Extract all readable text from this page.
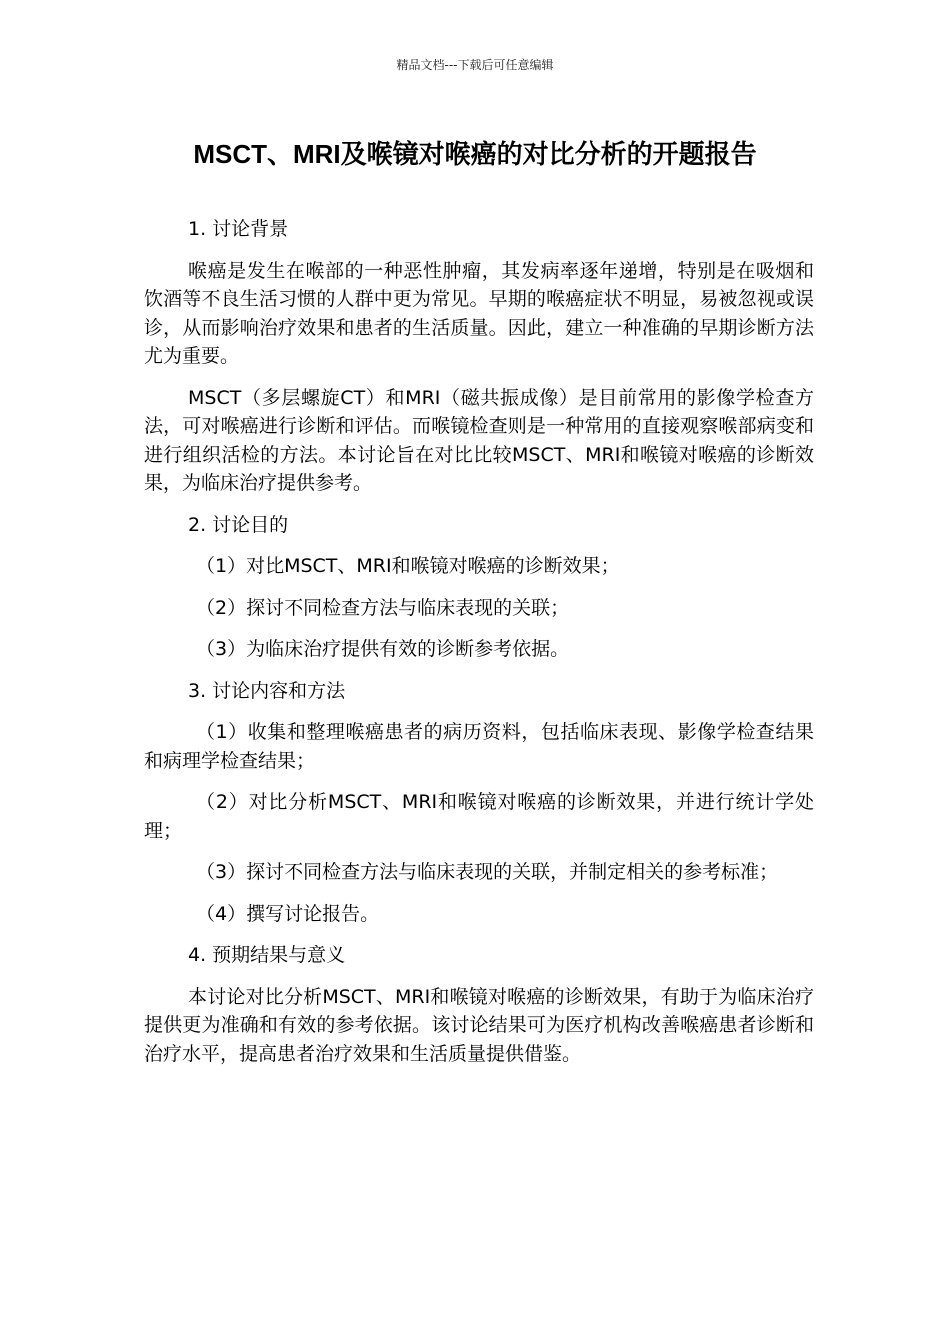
精品文档---下载后可任意编辑
MSCT、MRI及喉镜对喉癌的对比分析的开题报告

1. 讨论背景

喉癌是发生在喉部的一种恶性肿瘤，其发病率逐年递增，特别是在吸烟和饮酒等不良生活习惯的人群中更为常见。早期的喉癌症状不明显，易被忽视或误诊，从而影响治疗效果和患者的生活质量。因此，建立一种准确的早期诊断方法尤为重要。

MSCT（多层螺旋CT）和MRI（磁共振成像）是目前常用的影像学检查方法，可对喉癌进行诊断和评估。而喉镜检查则是一种常用的直接观察喉部病变和进行组织活检的方法。本讨论旨在对比比较MSCT、MRI和喉镜对喉癌的诊断效果，为临床治疗提供参考。

2. 讨论目的

（1）对比MSCT、MRI和喉镜对喉癌的诊断效果；

（2）探讨不同检查方法与临床表现的关联；

（3）为临床治疗提供有效的诊断参考依据。

3. 讨论内容和方法

（1）收集和整理喉癌患者的病历资料，包括临床表现、影像学检查结果和病理学检查结果；

（2）对比分析MSCT、MRI和喉镜对喉癌的诊断效果，并进行统计学处理；

（3）探讨不同检查方法与临床表现的关联，并制定相关的参考标准；

（4）撰写讨论报告。

4. 预期结果与意义

本讨论对比分析MSCT、MRI和喉镜对喉癌的诊断效果，有助于为临床治疗提供更为准确和有效的参考依据。该讨论结果可为医疗机构改善喉癌患者诊断和治疗水平，提高患者治疗效果和生活质量提供借鉴。
